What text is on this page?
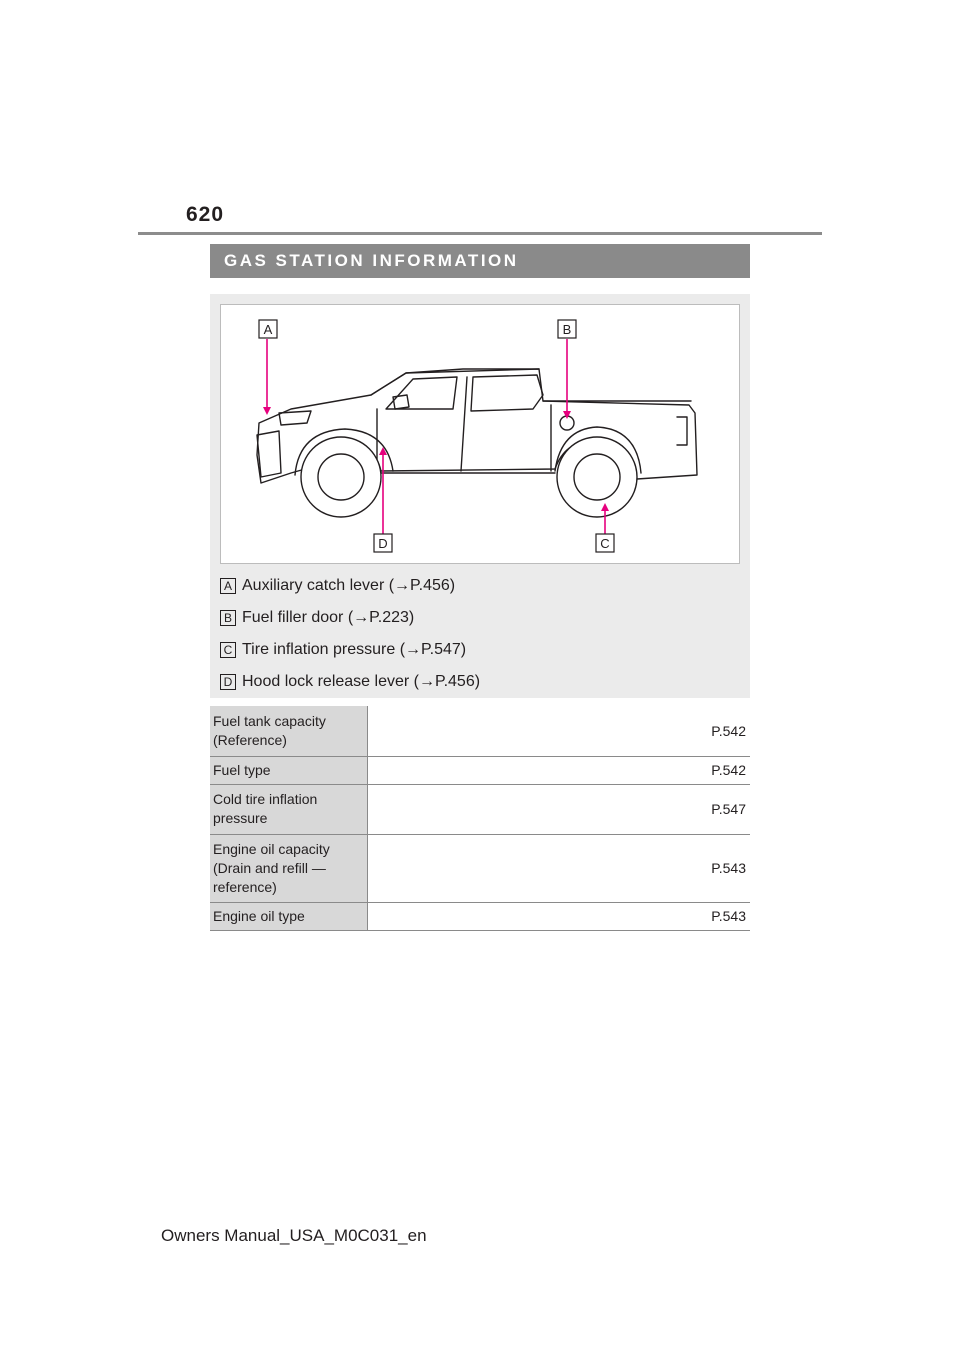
620
GAS STATION INFORMATION
A	B
C
D
A Auxiliary catch lever (→P.456)
B Fuel filler door (→P.223)
C Tire inflation pressure (→P.547)
D Hood lock release lever (→P.456)
Fuel tank capacity (Reference)	P.542
Fuel type	P.542
Cold tire inflation pressure	P.547
Engine oil capacity (Drain and refill — reference)	P.543
Engine oil type	P.543
Owners Manual_USA_M0C031_en
